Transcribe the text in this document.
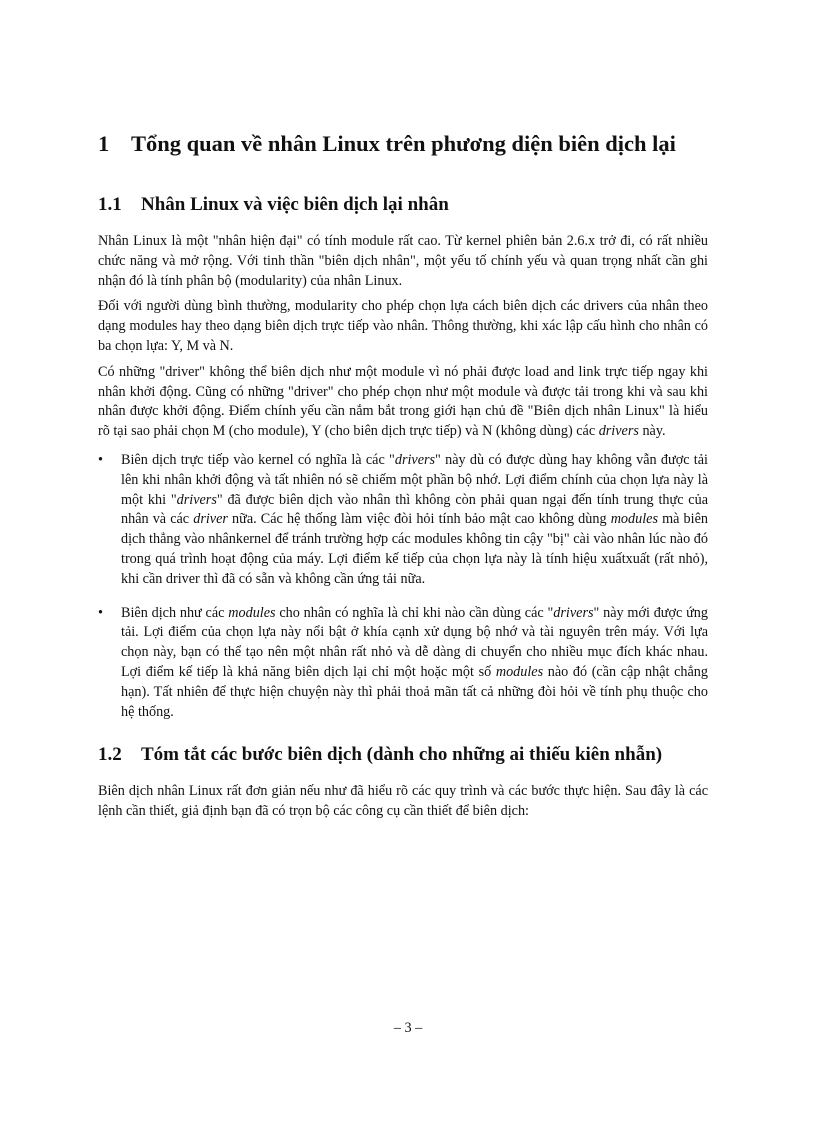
1 Tổng quan về nhân Linux trên phương diện biên dịch lại
1.1	Nhân Linux và việc biên dịch lại nhân

Nhân Linux là một "nhân hiện đại" có tính module rất cao. Từ kernel phiên bản 2.6.x trở đi, có rất nhiều chức năng và mở rộng. Với tinh thần "biên dịch nhân", một yếu tố chính yếu và quan trọng nhất cần ghi nhận đó là tính phân bộ (modularity) của nhân Linux.

Đối với người dùng bình thường, modularity cho phép chọn lựa cách biên dịch các drivers của nhân theo dạng modules hay theo dạng biên dịch trực tiếp vào nhân. Thông thường, khi xác lập cấu hình cho nhân có ba chọn lựa: Y, M và N.

Có những "driver" không thể biên dịch như một module vì nó phải được load and link trực tiếp ngay khi nhân khởi động. Cũng có những "driver" cho phép chọn như một module và được tải trong khi và sau khi nhân được khởi động. Điểm chính yếu cần nắm bắt trong giới hạn chủ đề "Biên dịch nhân Linux" là hiểu rõ tại sao phải chọn M (cho module), Y (cho biên dịch trực tiếp) và N (không dùng) các drivers này.

• Biên dịch trực tiếp vào kernel có nghĩa là các "drivers" này dù có được dùng hay không vẫn được tải lên khi nhân khởi động và tất nhiên nó sẽ chiếm một phần bộ nhớ. Lợi điểm chính của chọn lựa này là một khi "drivers" đã được biên dịch vào nhân thì không còn phải quan ngại đến tính trung thực của nhân và các driver nữa. Các hệ thống làm việc đòi hỏi tính bảo mật cao không dùng modules mà biên dịch thẳng vào nhânkernel để tránh trường hợp các modules không tin cậy "bị" cài vào nhân lúc nào đó trong quá trình hoạt động của máy. Lợi điểm kế tiếp của chọn lựa này là tính hiệu xuấtxuất (rất nhỏ), khi cần driver thì đã có sẵn và không cần ứng tải nữa.
• Biên dịch như các modules cho nhân có nghĩa là chỉ khi nào cần dùng các "drivers" này mới được ứng tải. Lợi điểm của chọn lựa này nổi bật ở khía cạnh xử dụng bộ nhớ và tài nguyên trên máy. Với lựa chọn này, bạn có thể tạo nên một nhân rất nhỏ và dễ dàng di chuyển cho nhiều mục đích khác nhau. Lợi điểm kế tiếp là khả năng biên dịch lại chỉ một hoặc một số modules nào đó (cần cập nhật chẳng hạn). Tất nhiên để thực hiện chuyện này thì phải thoả mãn tất cả những đòi hỏi về tính phụ thuộc cho hệ thống.
1.2	Tóm tắt các bước biên dịch (dành cho những ai thiếu kiên nhẫn)

Biên dịch nhân Linux rất đơn giản nếu như đã hiểu rõ các quy trình và các bước thực hiện. Sau đây là các lệnh cần thiết, giả định bạn đã có trọn bộ các công cụ cần thiết để biên dịch:

– 3 –
